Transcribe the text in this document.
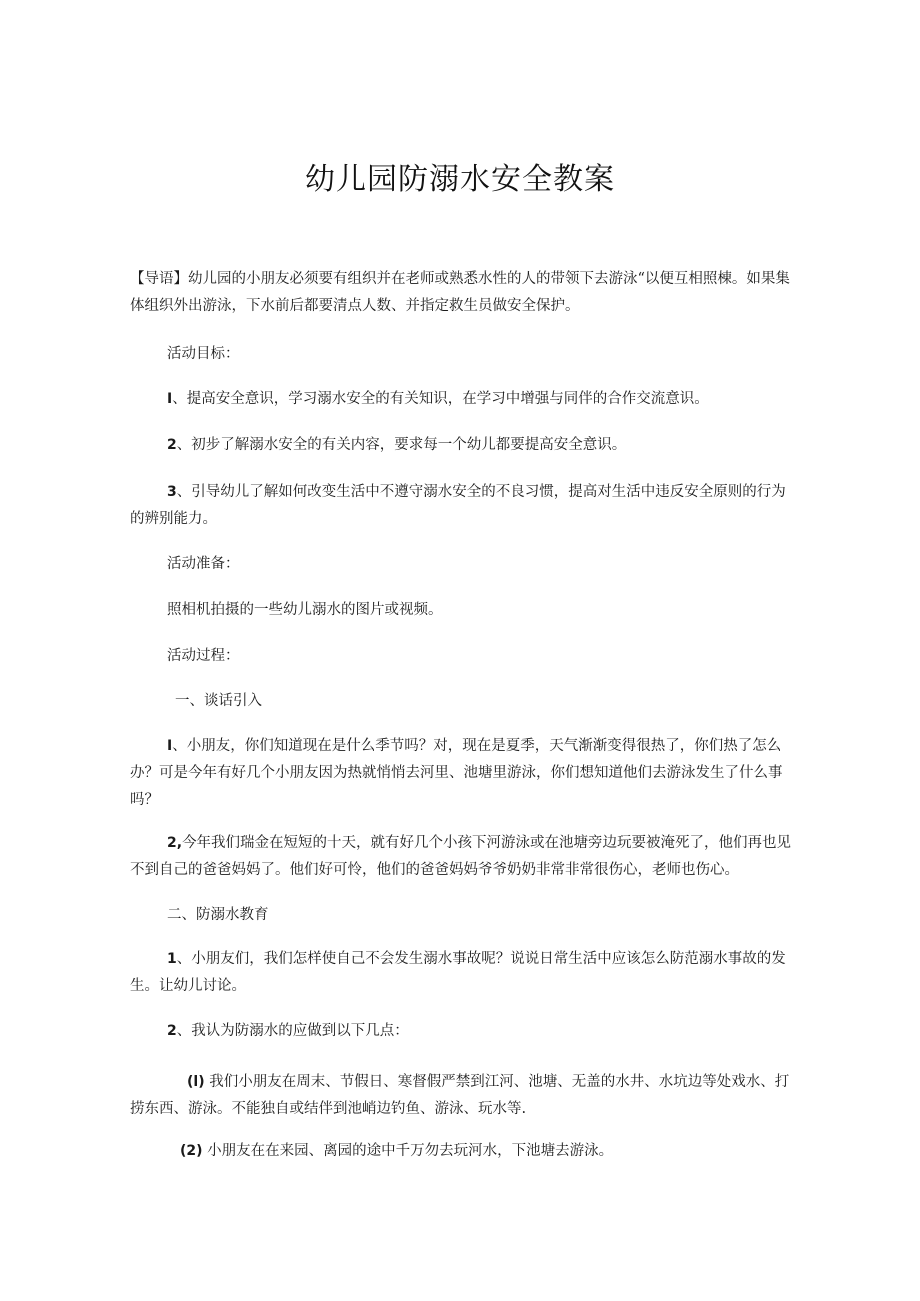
幼儿园防溺水安全教案

【导语】幼儿园的小朋友必须要有组织并在老师或熟悉水性的人的带领下去游泳“以便互相照棟。如果集体组织外出游泳，下水前后都要清点人数、并指定救生员做安全保护。

活动目标：

I、提高安全意识，学习溺水安全的有关知识，在学习中增强与同伴的合作交流意识。

2、初步了解溺水安全的有关内容，要求每一个幼儿都要提高安全意识。

3、引导幼儿了解如何改变生活中不遵守溺水安全的不良习惯，提高对生活中违反安全原则的行为的辨别能力。

活动准备：

照相机拍摄的一些幼儿溺水的图片或视频。

活动过程：

一、谈话引入

I、小朋友，你们知道现在是什么季节吗？对，现在是夏季，天气渐渐变得很热了，你们热了怎么办？可是今年有好几个小朋友因为热就悄悄去河里、池塘里游泳，你们想知道他们去游泳发生了什么事吗？

2,今年我们瑞金在短短的十天，就有好几个小孩下河游泳或在池塘旁边玩要被淹死了，他们再也见不到自己的爸爸妈妈了。他们好可怜，他们的爸爸妈妈爷爷奶奶非常非常很伤心，老师也伤心。

二、防溺水教育

1、小朋友们，我们怎样使自己不会发生溺水事故呢？说说日常生活中应该怎么防范溺水事故的发生。让幼儿讨论。

2、我认为防溺水的应做到以下几点：

(l) 我们小朋友在周末、节假日、寒督假严禁到江河、池塘、无盖的水井、水坑边等处戏水、打捞东西、游泳。不能独自或结伴到池峭边钓鱼、游泳、玩水等.

(2) 小朋友在在来园、离园的途中千万勿去玩河水，下池塘去游泳。
